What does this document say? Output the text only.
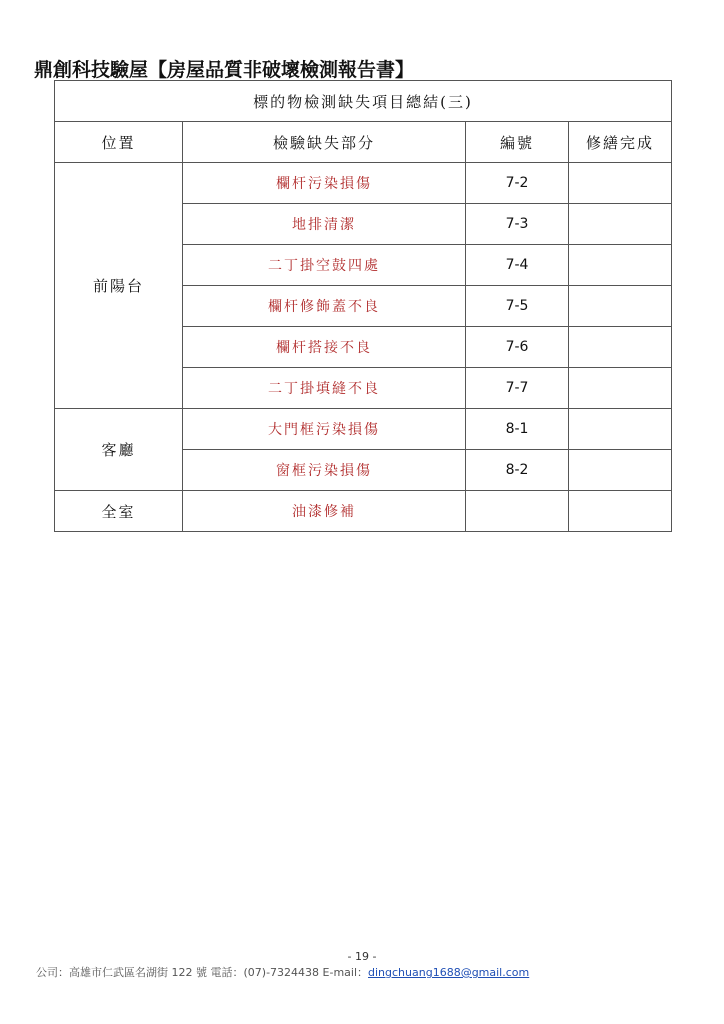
鼎創科技驗屋【房屋品質非破壞檢測報告書】
標的物檢測缺失項目總結(三)			
位置	檢驗缺失部分	編號	修繕完成
前陽台	欄杆污染損傷	7-2	
	地排清潔	7-3	
	二丁掛空鼓四處	7-4	
	欄杆修飾蓋不良	7-5	
	欄杆搭接不良	7-6	
	二丁掛填縫不良	7-7	
客廳	大門框污染損傷	8-1	
	窗框污染損傷	8-2	
全室	油漆修補		
- 19 -
公司：高雄市仁武區名湖街 122 號 電話：(07)-7324438 E-mail：dingchuang1688@gmail.com
